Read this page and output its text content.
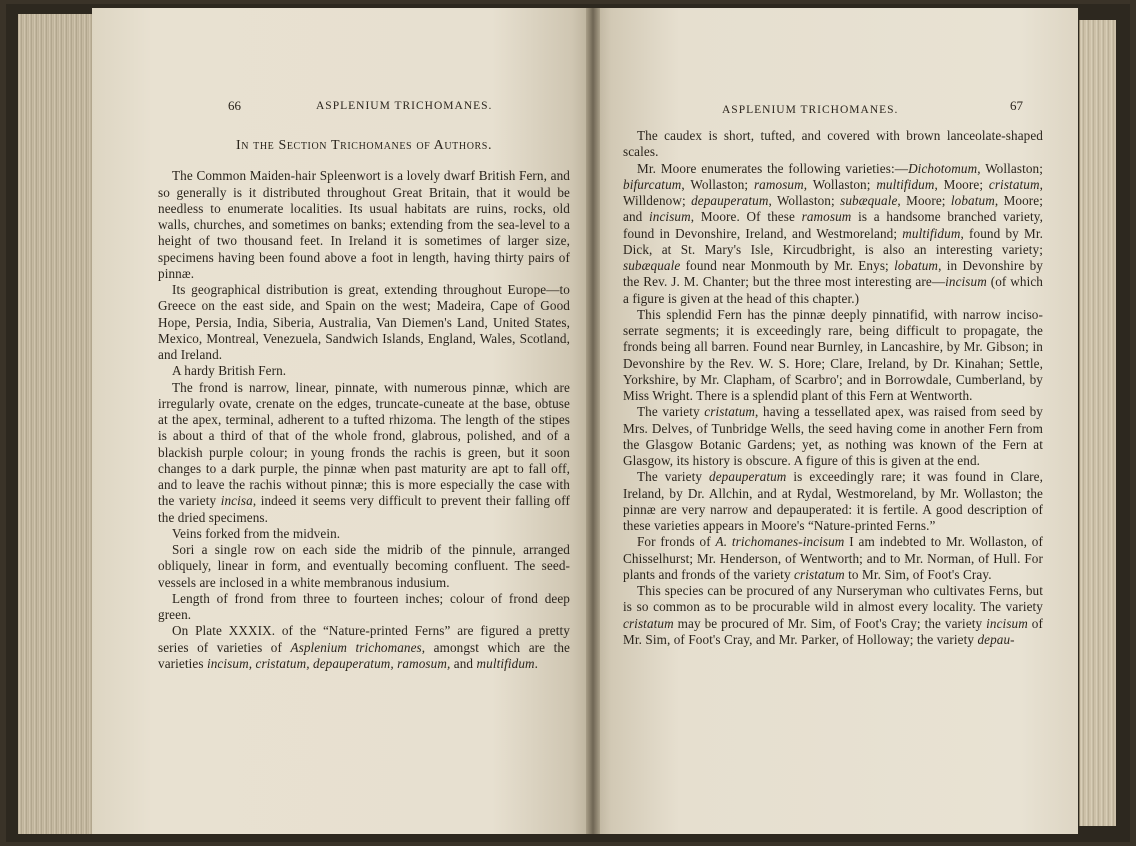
66	ASPLENIUM TRICHOMANES.	ASPLENIUM TRICHOMANES.	67
In the Section Trichomanes of Authors.

The Common Maiden-hair Spleenwort is a lovely dwarf British Fern, and so generally is it distributed throughout Great Britain, that it would be needless to enumerate localities. Its usual habitats are ruins, rocks, old walls, churches, and sometimes on banks; extending from the sea-level to a height of two thousand feet. In Ireland it is sometimes of larger size, specimens having been found above a foot in length, having thirty pairs of pinnæ.

Its geographical distribution is great, extending throughout Europe—to Greece on the east side, and Spain on the west; Madeira, Cape of Good Hope, Persia, India, Siberia, Australia, Van Diemen's Land, United States, Mexico, Montreal, Venezuela, Sandwich Islands, England, Wales, Scotland, and Ireland.

A hardy British Fern.

The frond is narrow, linear, pinnate, with numerous pinnæ, which are irregularly ovate, crenate on the edges, truncate-cuneate at the base, obtuse at the apex, terminal, adherent to a tufted rhizoma. The length of the stipes is about a third of that of the whole frond, glabrous, polished, and of a blackish purple colour; in young fronds the rachis is green, but it soon changes to a dark purple, the pinnæ when past maturity are apt to fall off, and to leave the rachis without pinnæ; this is more especially the case with the variety incisa, indeed it seems very difficult to prevent their falling off the dried specimens.

Veins forked from the midvein.

Sori a single row on each side the midrib of the pinnule, arranged obliquely, linear in form, and eventually becoming confluent. The seed-vessels are inclosed in a white membranous indusium.

Length of frond from three to fourteen inches; colour of frond deep green.

On Plate XXXIX. of the “Nature-printed Ferns” are figured a pretty series of varieties of Asplenium trichomanes, amongst which are the varieties incisum, cristatum, depauperatum, ramosum, and multifidum.

The caudex is short, tufted, and covered with brown lanceolate-shaped scales.

Mr. Moore enumerates the following varieties:—Dichotomum, Wollaston; bifurcatum, Wollaston; ramosum, Wollaston; multifidum, Moore; cristatum, Willdenow; depauperatum, Wollaston; subæquale, Moore; lobatum, Moore; and incisum, Moore. Of these ramosum is a handsome branched variety, found in Devonshire, Ireland, and Westmoreland; multifidum, found by Mr. Dick, at St. Mary's Isle, Kircudbright, is also an interesting variety; subæquale found near Monmouth by Mr. Enys; lobatum, in Devonshire by the Rev. J. M. Chanter; but the three most interesting are—incisum (of which a figure is given at the head of this chapter.)

This splendid Fern has the pinnæ deeply pinnatifid, with narrow inciso-serrate segments; it is exceedingly rare, being difficult to propagate, the fronds being all barren. Found near Burnley, in Lancashire, by Mr. Gibson; in Devonshire by the Rev. W. S. Hore; Clare, Ireland, by Dr. Kinahan; Settle, Yorkshire, by Mr. Clapham, of Scarbro'; and in Borrowdale, Cumberland, by Miss Wright. There is a splendid plant of this Fern at Wentworth.

The variety cristatum, having a tessellated apex, was raised from seed by Mrs. Delves, of Tunbridge Wells, the seed having come in another Fern from the Glasgow Botanic Gardens; yet, as nothing was known of the Fern at Glasgow, its history is obscure. A figure of this is given at the end.

The variety depauperatum is exceedingly rare; it was found in Clare, Ireland, by Dr. Allchin, and at Rydal, Westmoreland, by Mr. Wollaston; the pinnæ are very narrow and depauperated: it is fertile. A good description of these varieties appears in Moore's “Nature-printed Ferns.”

For fronds of A. trichomanes-incisum I am indebted to Mr. Wollaston, of Chisselhurst; Mr. Henderson, of Wentworth; and to Mr. Norman, of Hull. For plants and fronds of the variety cristatum to Mr. Sim, of Foot's Cray.

This species can be procured of any Nurseryman who cultivates Ferns, but is so common as to be procurable wild in almost every locality. The variety cristatum may be procured of Mr. Sim, of Foot's Cray; the variety incisum of Mr. Sim, of Foot's Cray, and Mr. Parker, of Holloway; the variety depau-
